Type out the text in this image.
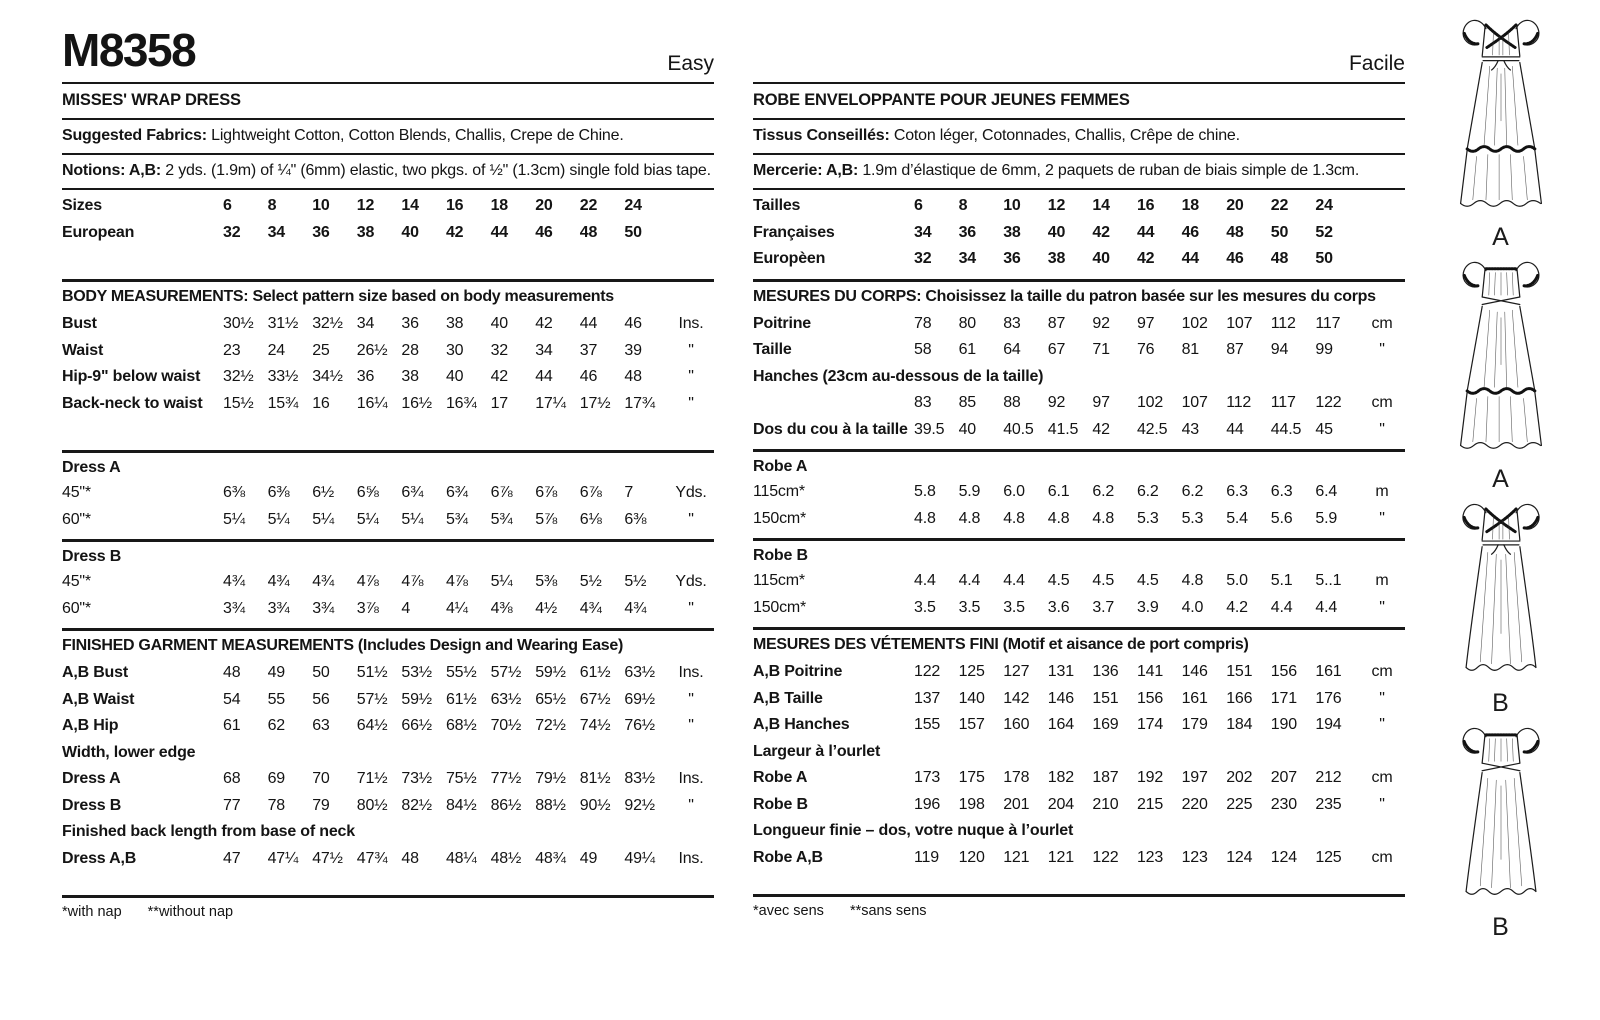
M8358	Easy
MISSES' WRAP DRESS
Suggested Fabrics: Lightweight Cotton, Cotton Blends, Challis, Crepe de Chine.
Notions: A,B: 2 yds. (1.9m) of ¼" (6mm) elastic, two pkgs. of ½" (1.3cm) single fold bias tape.
Sizes	6	8	10	12	14	16	18	20	22	24
European	32	34	36	38	40	42	44	46	48	50
BODY MEASUREMENTS: Select pattern size based on body measurements
Bust	30½ 31½ 32½ 34	36	38	40	42	44	46	Ins.
Waist	23	24	25	26½ 28	30	32	34	37	39	"
Hip-9" below waist	32½ 33½ 34½ 36	38	40	42	44	46	48	"
Back-neck to waist	15½ 15¾ 16	16¼ 16½ 16¾ 17	17¼ 17½ 17¾	"
Dress A
45"*	6⅜	6⅜	6½	6⅝	6¾	6¾	6⅞	6⅞	6⅞	7	Yds.
60"*	5¼	5¼	5¼	5¼	5¼	5¾	5¾	5⅞	6⅛	6⅜	"
Dress B
45"*	4¾	4¾	4¾	4⅞	4⅞	4⅞	5¼	5⅜	5½	5½	Yds.
60"*	3¾	3¾	3¾	3⅞	4	4¼	4⅜	4½	4¾	4¾	"
FINISHED GARMENT MEASUREMENTS (Includes Design and Wearing Ease)
A,B Bust	48	49	50	51½ 53½ 55½ 57½ 59½ 61½ 63½	Ins.
A,B Waist	54	55	56	57½ 59½ 61½ 63½ 65½ 67½ 69½	"
A,B Hip	61	62	63	64½ 66½ 68½ 70½ 72½ 74½ 76½	"
Width, lower edge
Dress A	68	69	70	71½ 73½ 75½ 77½ 79½ 81½ 83½	Ins.
Dress B	77	78	79	80½ 82½ 84½ 86½ 88½ 90½ 92½	"
Finished back length from base of neck
Dress A,B	47	47¼ 47½ 47¾ 48	48¼ 48½ 48¾ 49	49¼	Ins.
*with nap **without nap
Facile
ROBE ENVELOPPANTE POUR JEUNES FEMMES
Tissus Conseillés: Coton léger, Cotonnades, Challis, Crêpe de chine.
Mercerie: A,B: 1.9m d’élastique de 6mm, 2 paquets de ruban de biais simple de 1.3cm.
Tailles	6	8	10	12	14	16	18	20	22	24
Françaises	34	36	38	40	42	44	46	48	50	52
Europèen	32	34	36	38	40	42	44	46	48	50
MESURES DU CORPS: Choisissez la taille du patron basée sur les mesures du corps
Poitrine	78	80	83	87	92	97	102	107	112	117	cm
Taille	58	61	64	67	71	76	81	87	94	99	"
Hanches (23cm au-dessous de la taille)
83	85	88	92	97	102	107	112	117	122	cm
Dos du cou à la taille 39.5 40	40.5 41.5 42	42.5 43	44	44.5 45	"
Robe A
115cm*	5.8	5.9	6.0	6.1	6.2	6.2	6.2	6.3	6.3	6.4	m
150cm*	4.8	4.8	4.8	4.8	4.8	5.3	5.3	5.4	5.6	5.9	"
Robe B
115cm*	4.4	4.4	4.4	4.5	4.5	4.5	4.8	5.0	5.1	5..1	m
150cm*	3.5	3.5	3.5	3.6	3.7	3.9	4.0	4.2	4.4	4.4	"
MESURES DES VÉTEMENTS FINI (Motif et aisance de port compris)
A,B Poitrine	122	125	127	131	136	141	146	151	156	161	cm
A,B Taille	137	140	142	146	151	156	161	166	171	176	"
A,B Hanches	155	157	160	164	169	174	179	184	190	194	"
Largeur à l’ourlet
Robe A	173	175	178	182	187	192	197	202	207	212	cm
Robe B	196	198	201	204	210	215	220	225	230	235	"
Longueur finie – dos, votre nuque à l’ourlet
Robe A,B	119	120	121	121	122	123	123	124	124	125	cm
*avec sens **sans sens
A
A
B
B
